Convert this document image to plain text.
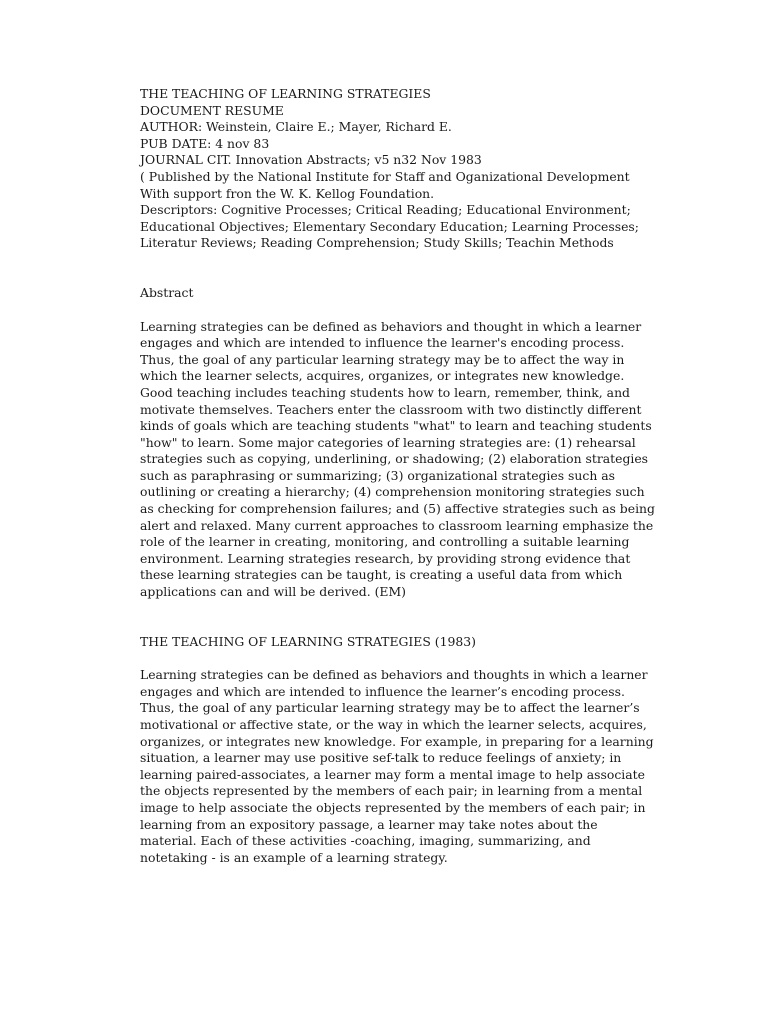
THE TEACHING OF LEARNING STRATEGIES
DOCUMENT RESUME
AUTHOR: Weinstein, Claire E.; Mayer, Richard E.
PUB DATE: 4 nov 83
JOURNAL CIT. Innovation Abstracts; v5 n32 Nov 1983
( Published by the National Institute for Staff and Oganizational Development
With support fron the W. K. Kellog Foundation.
Descriptors: Cognitive Processes; Critical Reading; Educational Environment;
Educational Objectives; Elementary Secondary Education; Learning Processes;
Literatur Reviews; Reading Comprehension; Study Skills; Teachin Methods
Abstract
Learning strategies can be defined as behaviors and thought in which a learner
engages and which are intended to influence the learner's encoding process.
Thus, the goal of any particular learning strategy may be to affect the way in
which the learner selects, acquires, organizes, or integrates new knowledge.
Good teaching includes teaching students how to learn, remember, think, and
motivate themselves. Teachers enter the classroom with two distinctly different
kinds of goals which are teaching students "what" to learn and teaching students
"how" to learn. Some major categories of learning strategies are: (1) rehearsal
strategies such as copying, underlining, or shadowing; (2) elaboration strategies
such as paraphrasing or summarizing; (3) organizational strategies such as
outlining or creating a hierarchy; (4) comprehension monitoring strategies such
as checking for comprehension failures; and (5) affective strategies such as being
alert and relaxed. Many current approaches to classroom learning emphasize the
role of the learner in creating, monitoring, and controlling a suitable learning
environment. Learning strategies research, by providing strong evidence that
these learning strategies can be taught, is creating a useful data from which
applications can and will be derived. (EM)
THE TEACHING OF LEARNING STRATEGIES (1983)
Learning strategies can be defined as behaviors and thoughts in which a learner
engages and which are intended to influence the learner’s encoding process.
Thus, the goal of any particular learning strategy may be to affect the learner’s
motivational or affective state, or the way in which the learner selects, acquires,
organizes, or integrates new knowledge. For example, in preparing for a learning
situation, a learner may use positive sef-talk to reduce feelings of anxiety; in
learning paired-associates, a learner may form a mental image to help associate
the objects represented by the members of each pair; in learning from a mental
image to help associate the objects represented by the members of each pair; in
learning from an expository passage, a learner may take notes about the
material. Each of these activities -coaching, imaging, summarizing, and
notetaking - is an example of a learning strategy.
